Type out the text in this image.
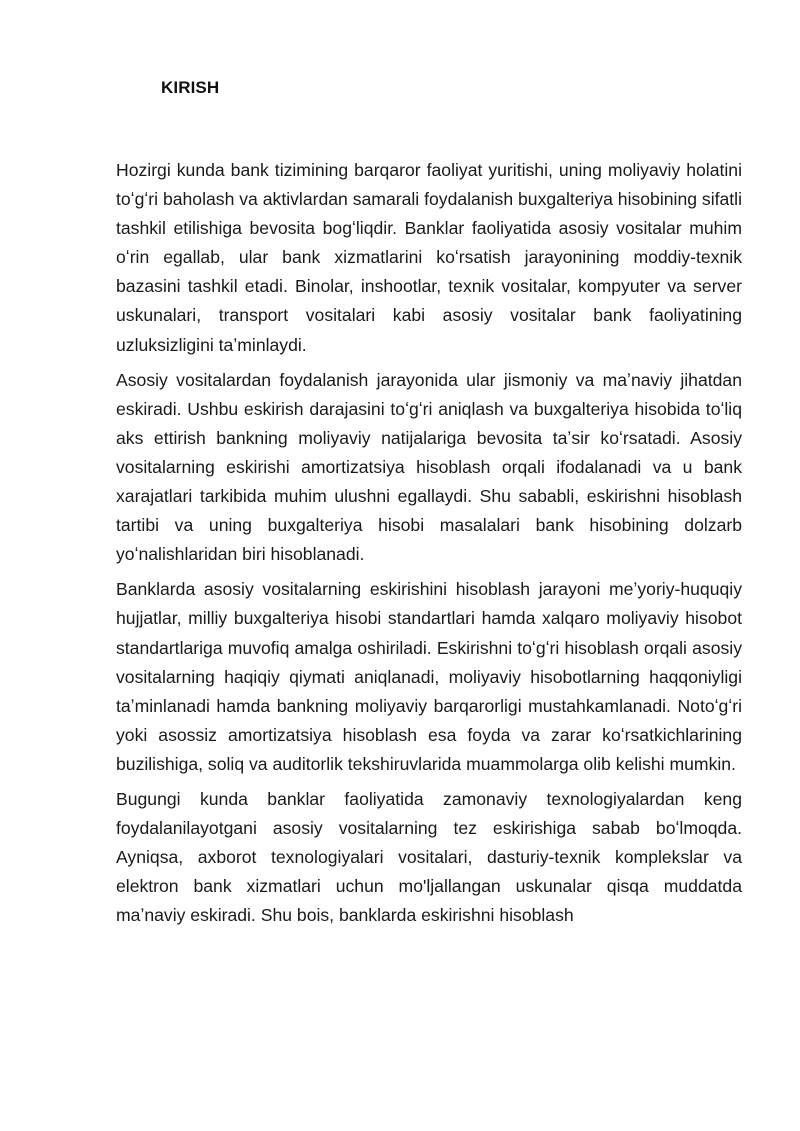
KIRISH

Hozirgi kunda bank tizimining barqaror faoliyat yuritishi, uning moliyaviy holatini toʻgʻri baholash va aktivlardan samarali foydalanish buxgalteriya hisobining sifatli tashkil etilishiga bevosita bogʻliqdir. Banklar faoliyatida asosiy vositalar muhim oʻrin egallab, ular bank xizmatlarini koʻrsatish jarayonining moddiy-texnik bazasini tashkil etadi. Binolar, inshootlar, texnik vositalar, kompyuter va server uskunalari, transport vositalari kabi asosiy vositalar bank faoliyatining uzluksizligini taʼminlaydi.

Asosiy vositalardan foydalanish jarayonida ular jismoniy va maʼnaviy jihatdan eskiradi. Ushbu eskirish darajasini toʻgʻri aniqlash va buxgalteriya hisobida toʻliq aks ettirish bankning moliyaviy natijalariga bevosita taʼsir koʻrsatadi. Asosiy vositalarning eskirishi amortizatsiya hisoblash orqali ifodalanadi va u bank xarajatlari tarkibida muhim ulushni egallaydi. Shu sababli, eskirishni hisoblash tartibi va uning buxgalteriya hisobi masalalari bank hisobining dolzarb yoʻnalishlaridan biri hisoblanadi.

Banklarda asosiy vositalarning eskirishini hisoblash jarayoni meʼyoriy-huquqiy hujjatlar, milliy buxgalteriya hisobi standartlari hamda xalqaro moliyaviy hisobot standartlariga muvofiq amalga oshiriladi. Eskirishni toʻgʻri hisoblash orqali asosiy vositalarning haqiqiy qiymati aniqlanadi, moliyaviy hisobotlarning haqqoniyligi taʼminlanadi hamda bankning moliyaviy barqarorligi mustahkamlanadi. Notoʻgʻri yoki asossiz amortizatsiya hisoblash esa foyda va zarar koʻrsatkichlarining buzilishiga, soliq va auditorlik tekshiruvlarida muammolarga olib kelishi mumkin.

Bugungi kunda banklar faoliyatida zamonaviy texnologiyalardan keng foydalanilayotgani asosiy vositalarning tez eskirishiga sabab boʻlmoqda. Ayniqsa, axborot texnologiyalari vositalari, dasturiy-texnik komplekslar va elektron bank xizmatlari uchun mo'ljallangan uskunalar qisqa muddatda maʼnaviy eskiradi. Shu bois, banklarda eskirishni hisoblash
